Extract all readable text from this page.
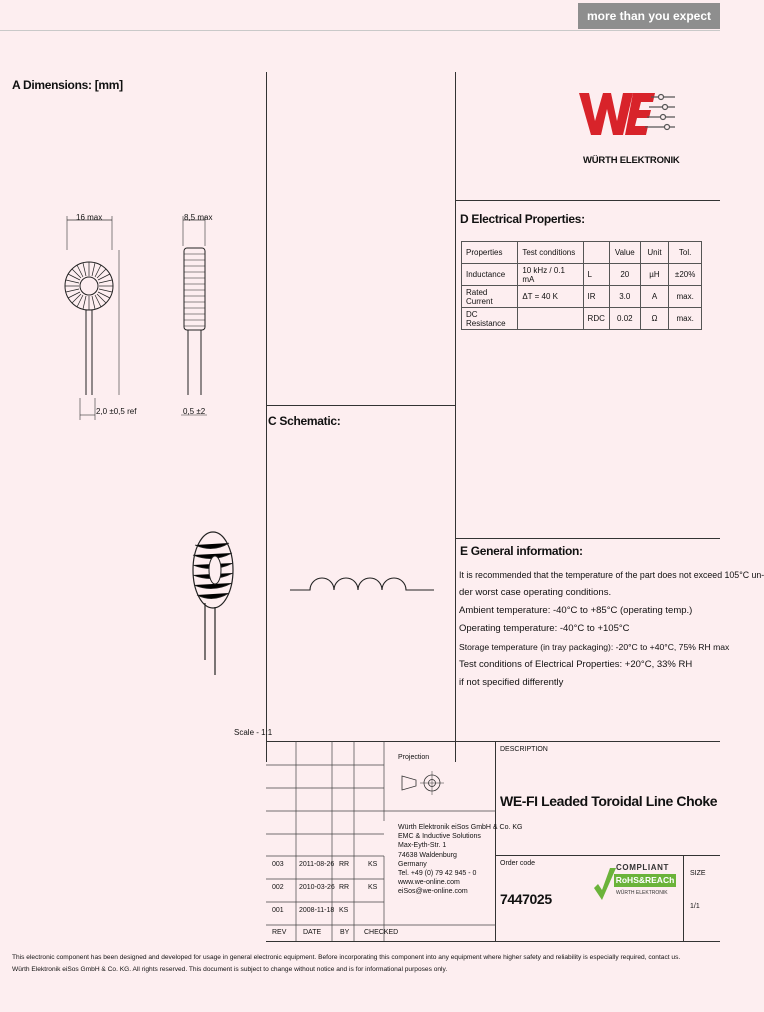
more than you expect
A Dimensions: [mm]
16 max
2,0 ±0,5 ref
8,5 max
0,5 ±2
Scale - 1:1
WÜRTH ELEKTRONIK
D Electrical Properties:
Properties	Test conditions		Value	Unit	Tol.
Inductance	10 kHz / 0.1 mA	L	20	µH	±20%
Rated Current	ΔT = 40 K	IR	3.0	A	max.
DC Resistance		RDC	0.02	Ω	max.
C Schematic:
E General information:
It is recommended that the temperature of the part does not exceed 105°C un-
der worst case operating conditions.
Ambient temperature: -40°C to +85°C (operating temp.)
Operating temperature: -40°C to +105°C
Storage temperature (in tray packaging): -20°C to +40°C, 75% RH max
Test conditions of Electrical Properties: +20°C, 33% RH
if not specified differently
Projection
Würth Elektronik eiSos GmbH & Co. KG
EMC & Inductive Solutions
Max-Eyth-Str. 1
74638 Waldenburg
Germany
Tel. +49 (0) 79 42 945 - 0
www.we-online.com
eiSos@we-online.com
003 2011-08-26 RR	KS
002 2010-03-26 RR	KS
001 2008-11-18 KS
REV DATE	BY CHECKED
DESCRIPTION
WE-FI Leaded Toroidal Line Choke
Order code
7447025
COMPLIANT
RoHS&REACh
WÜRTH ELEKTRONIK
SIZE
1/1
This electronic component has been designed and developed for usage in general electronic equipment. Before incorporating this component into any equipment where higher safety and reliability is especially required, contact us.
Würth Elektronik eiSos GmbH & Co. KG. All rights reserved. This document is subject to change without notice and is for informational purposes only.
